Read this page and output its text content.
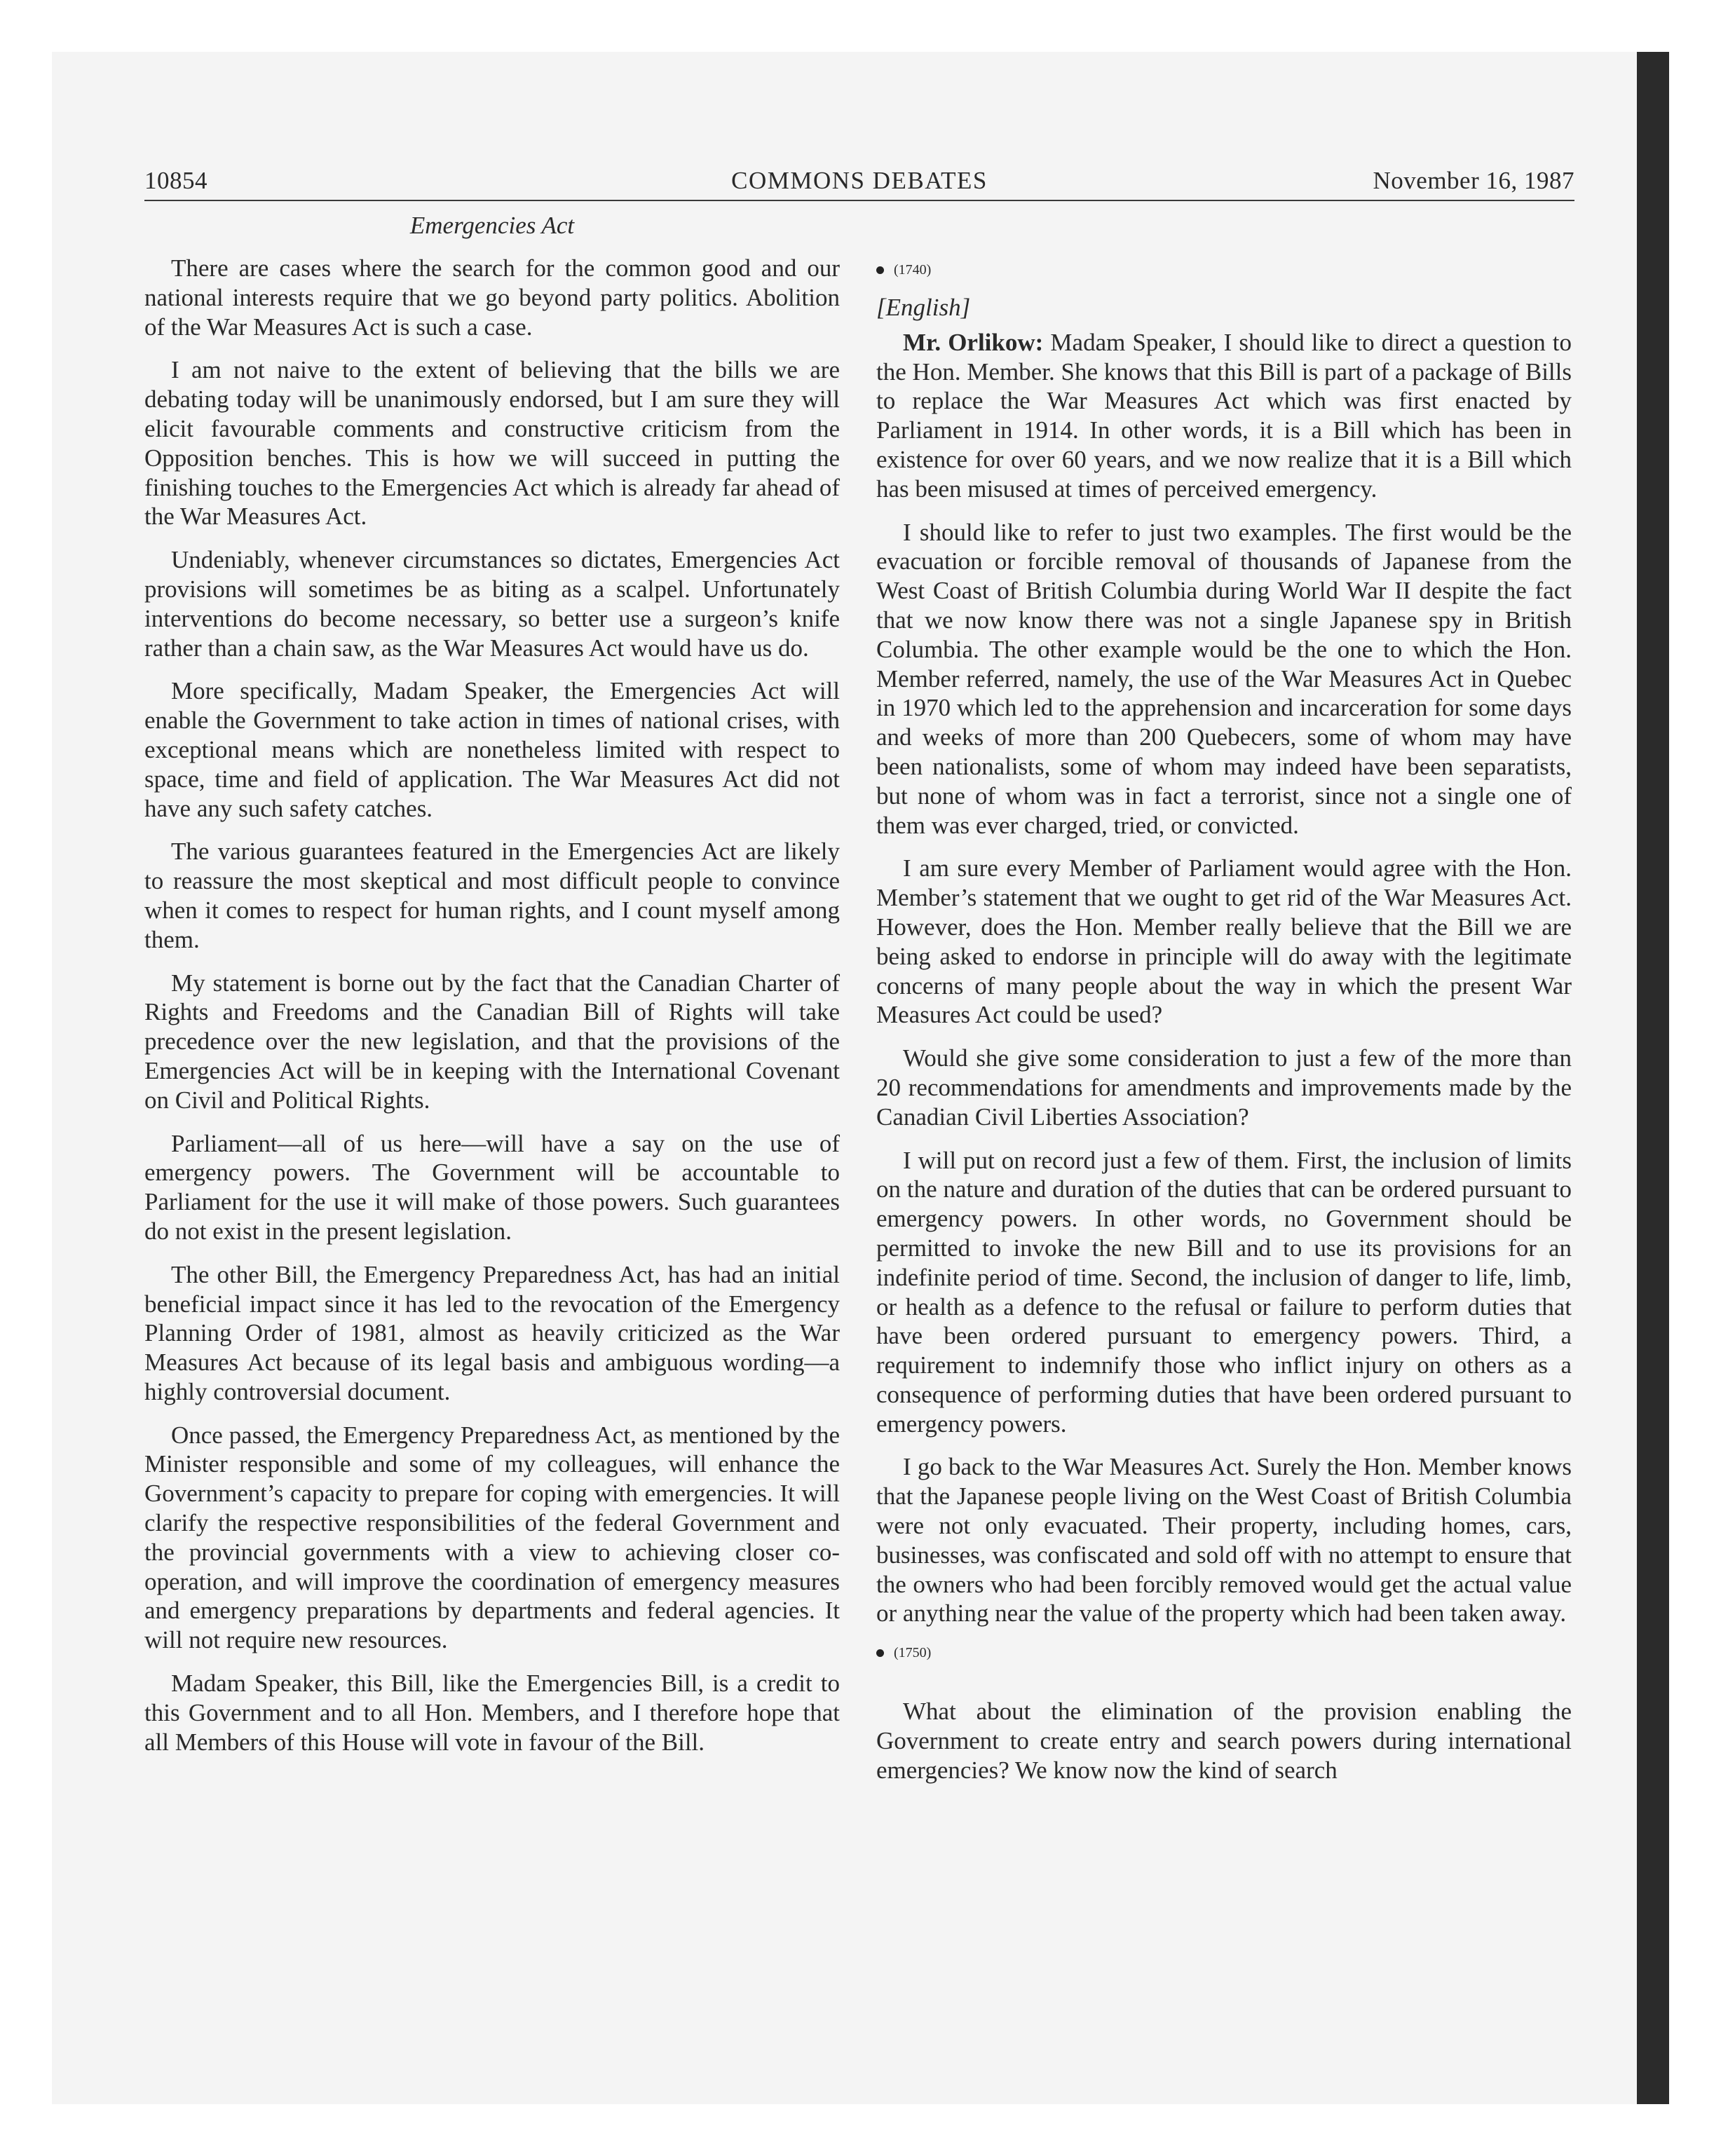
10854	COMMONS DEBATES	November 16, 1987
Emergencies Act

There are cases where the search for the common good and our national interests require that we go beyond party politics. Abolition of the War Measures Act is such a case.

I am not naive to the extent of believing that the bills we are debating today will be unanimously endorsed, but I am sure they will elicit favourable comments and constructive criticism from the Opposition benches. This is how we will succeed in putting the finishing touches to the Emergencies Act which is already far ahead of the War Measures Act.

Undeniably, whenever circumstances so dictates, Emergencies Act provisions will sometimes be as biting as a scalpel. Unfortunately interventions do become necessary, so better use a surgeon’s knife rather than a chain saw, as the War Measures Act would have us do.

More specifically, Madam Speaker, the Emergencies Act will enable the Government to take action in times of national crises, with exceptional means which are nonetheless limited with respect to space, time and field of application. The War Measures Act did not have any such safety catches.

The various guarantees featured in the Emergencies Act are likely to reassure the most skeptical and most difficult people to convince when it comes to respect for human rights, and I count myself among them.

My statement is borne out by the fact that the Canadian Charter of Rights and Freedoms and the Canadian Bill of Rights will take precedence over the new legislation, and that the provisions of the Emergencies Act will be in keeping with the International Covenant on Civil and Political Rights.

Parliament—all of us here—will have a say on the use of emergency powers. The Government will be accountable to Parliament for the use it will make of those powers. Such guarantees do not exist in the present legislation.

The other Bill, the Emergency Preparedness Act, has had an initial beneficial impact since it has led to the revocation of the Emergency Planning Order of 1981, almost as heavily criticized as the War Measures Act because of its legal basis and ambiguous wording—a highly controversial document.

Once passed, the Emergency Preparedness Act, as mentioned by the Minister responsible and some of my colleagues, will enhance the Government’s capacity to prepare for coping with emergencies. It will clarify the respective responsibilities of the federal Government and the provincial governments with a view to achieving closer co-operation, and will improve the coordination of emergency measures and emergency preparations by departments and federal agencies. It will not require new resources.

Madam Speaker, this Bill, like the Emergencies Bill, is a credit to this Government and to all Hon. Members, and I therefore hope that all Members of this House will vote in favour of the Bill.

(1740)
[English]

Mr. Orlikow: Madam Speaker, I should like to direct a question to the Hon. Member. She knows that this Bill is part of a package of Bills to replace the War Measures Act which was first enacted by Parliament in 1914. In other words, it is a Bill which has been in existence for over 60 years, and we now realize that it is a Bill which has been misused at times of perceived emergency.

I should like to refer to just two examples. The first would be the evacuation or forcible removal of thousands of Japanese from the West Coast of British Columbia during World War II despite the fact that we now know there was not a single Japanese spy in British Columbia. The other example would be the one to which the Hon. Member referred, namely, the use of the War Measures Act in Quebec in 1970 which led to the apprehension and incarceration for some days and weeks of more than 200 Quebecers, some of whom may have been nationalists, some of whom may indeed have been separatists, but none of whom was in fact a terrorist, since not a single one of them was ever charged, tried, or convicted.

I am sure every Member of Parliament would agree with the Hon. Member’s statement that we ought to get rid of the War Measures Act. However, does the Hon. Member really believe that the Bill we are being asked to endorse in principle will do away with the legitimate concerns of many people about the way in which the present War Measures Act could be used?

Would she give some consideration to just a few of the more than 20 recommendations for amendments and improvements made by the Canadian Civil Liberties Association?

I will put on record just a few of them. First, the inclusion of limits on the nature and duration of the duties that can be ordered pursuant to emergency powers. In other words, no Government should be permitted to invoke the new Bill and to use its provisions for an indefinite period of time. Second, the inclusion of danger to life, limb, or health as a defence to the refusal or failure to perform duties that have been ordered pursuant to emergency powers. Third, a requirement to indemnify those who inflict injury on others as a consequence of performing duties that have been ordered pursuant to emergency powers.

I go back to the War Measures Act. Surely the Hon. Member knows that the Japanese people living on the West Coast of British Columbia were not only evacuated. Their property, including homes, cars, businesses, was confiscated and sold off with no attempt to ensure that the owners who had been forcibly removed would get the actual value or anything near the value of the property which had been taken away.

(1750)

What about the elimination of the provision enabling the Government to create entry and search powers during international emergencies? We know now the kind of search
